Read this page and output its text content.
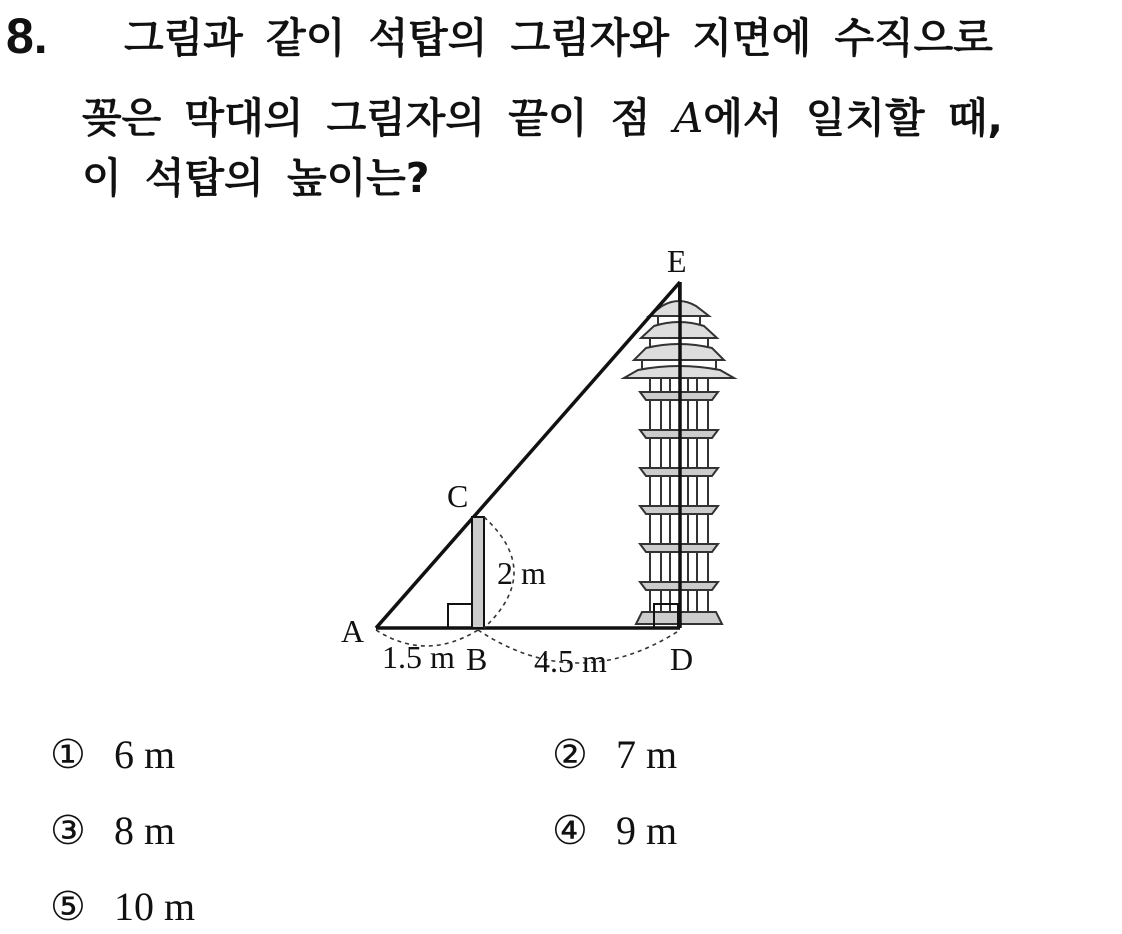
8. 그림과 같이 석탑의 그림자와 지면에 수직으로
꽂은 막대의 그림자의 끝이 점 A에서 일치할 때,
이 석탑의 높이는?
A
B
C
D
E
1.5 m
2 m
4.5 m
① 6 m	② 7 m
③ 8 m	④ 9 m
⑤ 10 m
